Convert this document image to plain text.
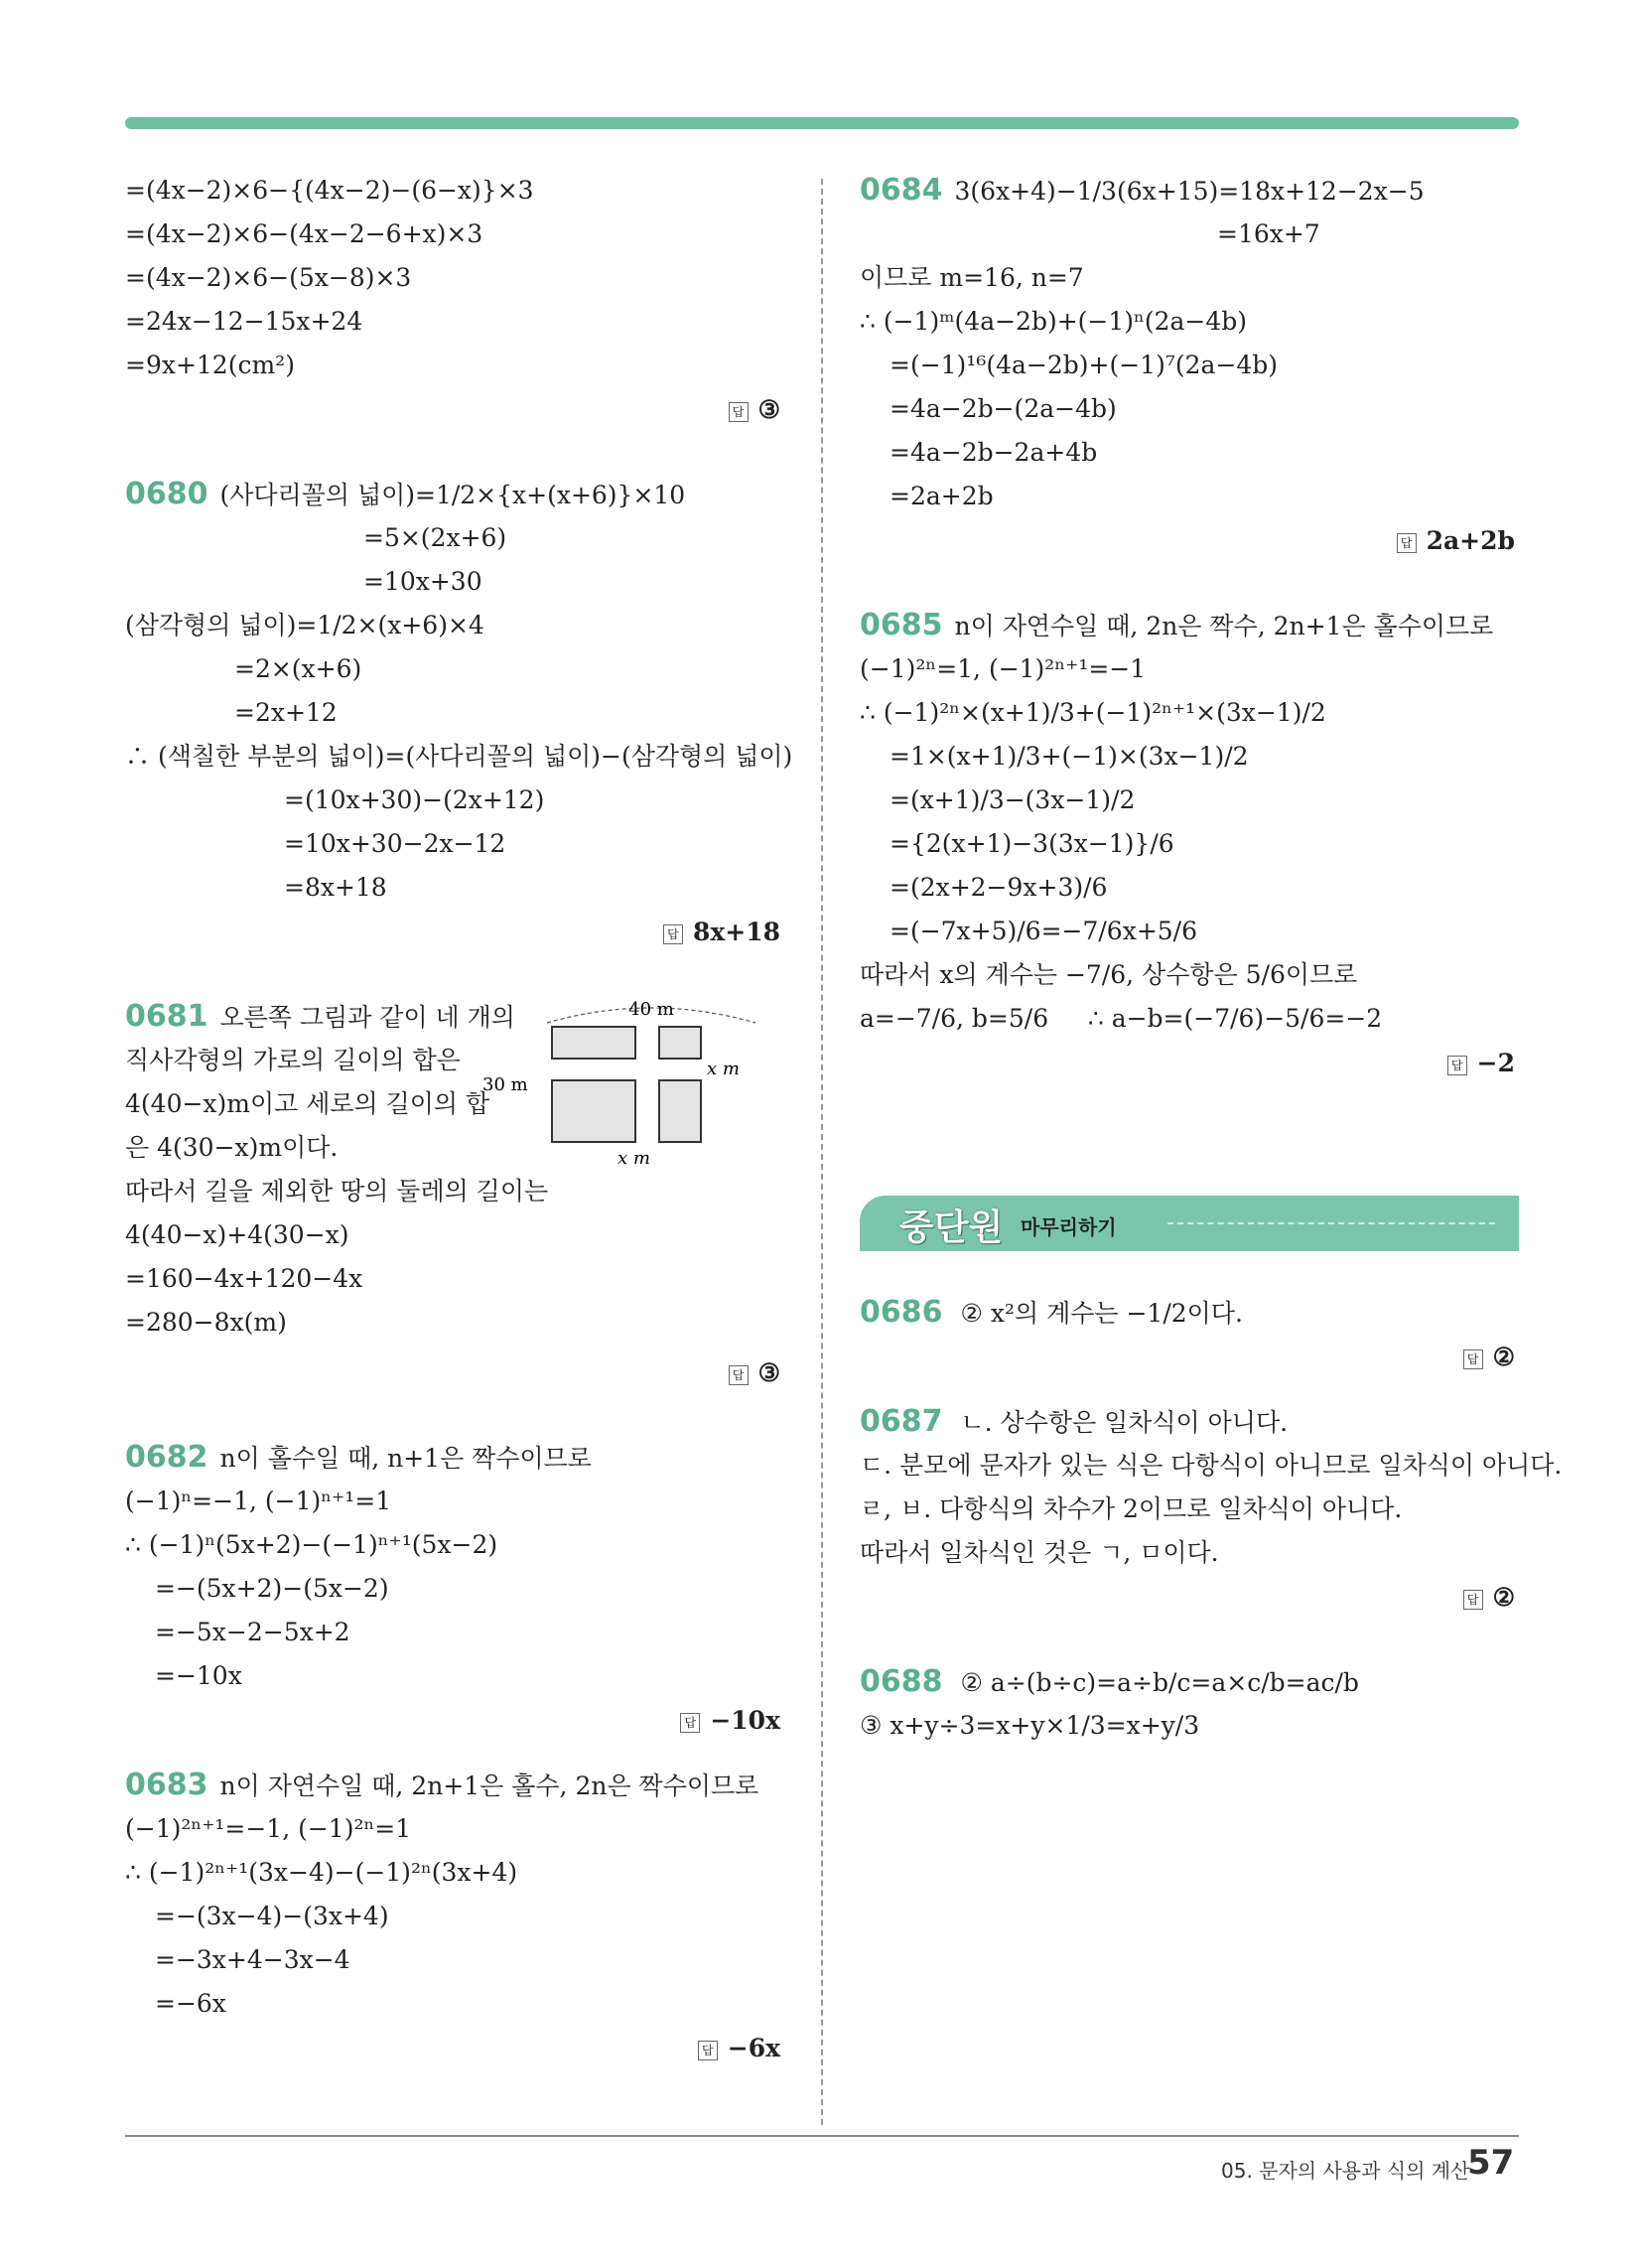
=(4x−2)×6−{(4x−2)−(6−x)}×3
=(4x−2)×6−(4x−2−6+x)×3
=(4x−2)×6−(5x−8)×3
=24x−12−15x+24
=9x+12(cm²)
답 ③
0680 (사다리꼴의 넓이)=1/2×{x+(x+6)}×10
=5×(2x+6)
=10x+30
(삼각형의 넓이)=1/2×(x+6)×4
=2×(x+6)
=2x+12
∴ (색칠한 부분의 넓이)=(사다리꼴의 넓이)−(삼각형의 넓이)
=(10x+30)−(2x+12)
=10x+30−2x−12
=8x+18
답 8x+18
0681 오른쪽 그림과 같이 네 개의
직사각형의 가로의 길이의 합은
4(40−x)m이고 세로의 길이의 합
은 4(30−x)m이다.
따라서 길을 제외한 땅의 둘레의 길이는
4(40−x)+4(30−x)
=160−4x+120−4x
=280−8x(m)
40 m
30 m
x m
x m
답 ③
0682 n이 홀수일 때, n+1은 짝수이므로
(−1)ⁿ=−1, (−1)ⁿ⁺¹=1
∴ (−1)ⁿ(5x+2)−(−1)ⁿ⁺¹(5x−2)
=−(5x+2)−(5x−2)
=−5x−2−5x+2
=−10x
답 −10x
0683 n이 자연수일 때, 2n+1은 홀수, 2n은 짝수이므로
(−1)²ⁿ⁺¹=−1, (−1)²ⁿ=1
∴ (−1)²ⁿ⁺¹(3x−4)−(−1)²ⁿ(3x+4)
=−(3x−4)−(3x+4)
=−3x+4−3x−4
=−6x
답 −6x
0684 3(6x+4)−1/3(6x+15)=18x+12−2x−5
=16x+7
이므로 m=16, n=7
∴ (−1)ᵐ(4a−2b)+(−1)ⁿ(2a−4b)
=(−1)¹⁶(4a−2b)+(−1)⁷(2a−4b)
=4a−2b−(2a−4b)
=4a−2b−2a+4b
=2a+2b
답 2a+2b
0685 n이 자연수일 때, 2n은 짝수, 2n+1은 홀수이므로
(−1)²ⁿ=1, (−1)²ⁿ⁺¹=−1
∴ (−1)²ⁿ×(x+1)/3+(−1)²ⁿ⁺¹×(3x−1)/2
=1×(x+1)/3+(−1)×(3x−1)/2
=(x+1)/3−(3x−1)/2
={2(x+1)−3(3x−1)}/6
=(2x+2−9x+3)/6
=(−7x+5)/6=−7/6x+5/6
따라서 x의 계수는 −7/6, 상수항은 5/6이므로
a=−7/6, b=5/6     ∴ a−b=(−7/6)−5/6=−2
답 −2
중단원 마무리하기
0686 ② x²의 계수는 −1/2이다.
답 ②
0687 ㄴ. 상수항은 일차식이 아니다.
ㄷ. 분모에 문자가 있는 식은 다항식이 아니므로 일차식이 아니다.
ㄹ, ㅂ. 다항식의 차수가 2이므로 일차식이 아니다.
따라서 일차식인 것은 ㄱ, ㅁ이다.
답 ②
0688 ② a÷(b÷c)=a÷b/c=a×c/b=ac/b
③ x+y÷3=x+y×1/3=x+y/3
05. 문자의 사용과 식의 계산
57
